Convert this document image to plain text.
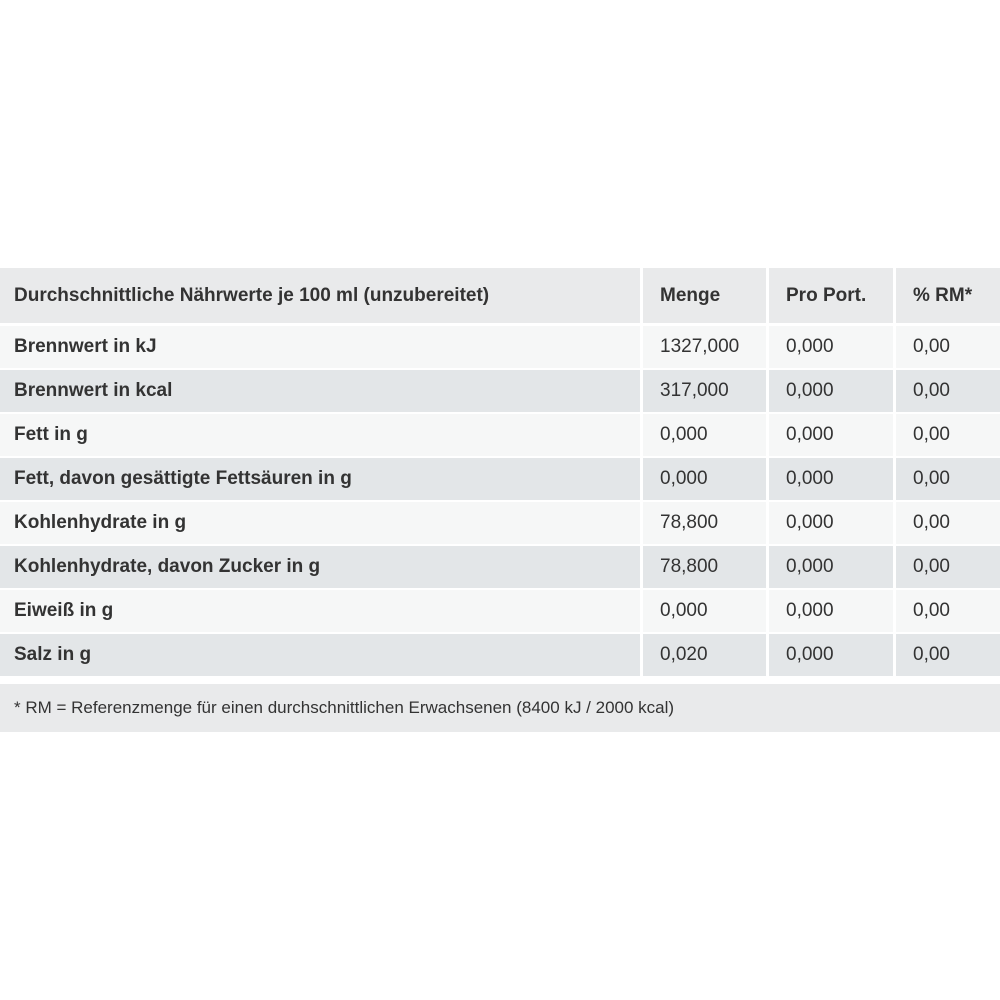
Durchschnittliche Nährwerte je 100 ml (unzubereitet)	Menge	Pro Port.	% RM*
Brennwert in kJ	1327,000	0,000	0,00
Brennwert in kcal	317,000	0,000	0,00
Fett in g	0,000	0,000	0,00
Fett, davon gesättigte Fettsäuren in g	0,000	0,000	0,00
Kohlenhydrate in g	78,800	0,000	0,00
Kohlenhydrate, davon Zucker in g	78,800	0,000	0,00
Eiweiß in g	0,000	0,000	0,00
Salz in g	0,020	0,000	0,00
* RM = Referenzmenge für einen durchschnittlichen Erwachsenen (8400 kJ / 2000 kcal)
